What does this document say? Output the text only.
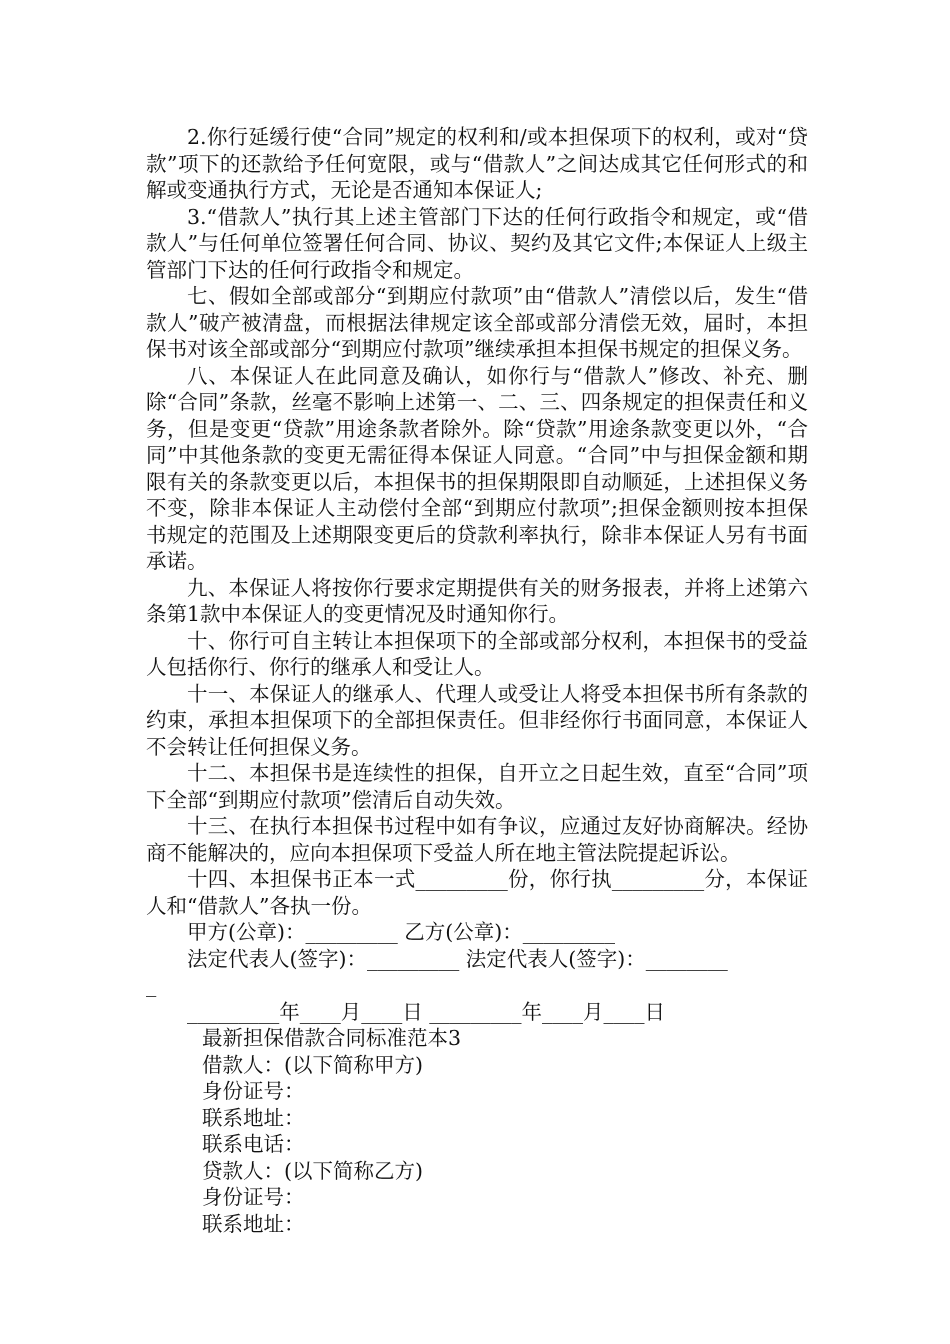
2.你行延缓行使“合同”规定的权利和/或本担保项下的权利，或对“贷款”项下的还款给予任何宽限，或与“借款人”之间达成其它任何形式的和解或变通执行方式，无论是否通知本保证人;

3.“借款人”执行其上述主管部门下达的任何行政指令和规定，或“借款人”与任何单位签署任何合同、协议、契约及其它文件;本保证人上级主管部门下达的任何行政指令和规定。

七、假如全部或部分“到期应付款项”由“借款人”清偿以后，发生“借款人”破产被清盘，而根据法律规定该全部或部分清偿无效，届时，本担保书对该全部或部分“到期应付款项”继续承担本担保书规定的担保义务。

八、本保证人在此同意及确认，如你行与“借款人”修改、补充、删除“合同”条款，丝毫不影响上述第一、二、三、四条规定的担保责任和义务，但是变更“贷款”用途条款者除外。除“贷款”用途条款变更以外，“合同”中其他条款的变更无需征得本保证人同意。“合同”中与担保金额和期限有关的条款变更以后，本担保书的担保期限即自动顺延，上述担保义务不变，除非本保证人主动偿付全部“到期应付款项”;担保金额则按本担保书规定的范围及上述期限变更后的贷款利率执行，除非本保证人另有书面承诺。

九、本保证人将按你行要求定期提供有关的财务报表，并将上述第六条第1款中本保证人的变更情况及时通知你行。

十、你行可自主转让本担保项下的全部或部分权利，本担保书的受益人包括你行、你行的继承人和受让人。

十一、本保证人的继承人、代理人或受让人将受本担保书所有条款的约束，承担本担保项下的全部担保责任。但非经你行书面同意，本保证人不会转让任何担保义务。

十二、本担保书是连续性的担保，自开立之日起生效，直至“合同”项下全部“到期应付款项”偿清后自动失效。

十三、在执行本担保书过程中如有争议，应通过友好协商解决。经协商不能解决的，应向本担保项下受益人所在地主管法院提起诉讼。

十四、本担保书正本一式_________份，你行执_________分，本保证人和“借款人”各执一份。

甲方(公章)：_________ 乙方(公章)：_________

法定代表人(签字)：_________ 法定代表人(签字)：________

_

_________年____月____日 _________年____月____日

最新担保借款合同标准范本3

借款人：(以下简称甲方)

身份证号：

联系地址：

联系电话：

贷款人：(以下简称乙方)

身份证号：

联系地址：
